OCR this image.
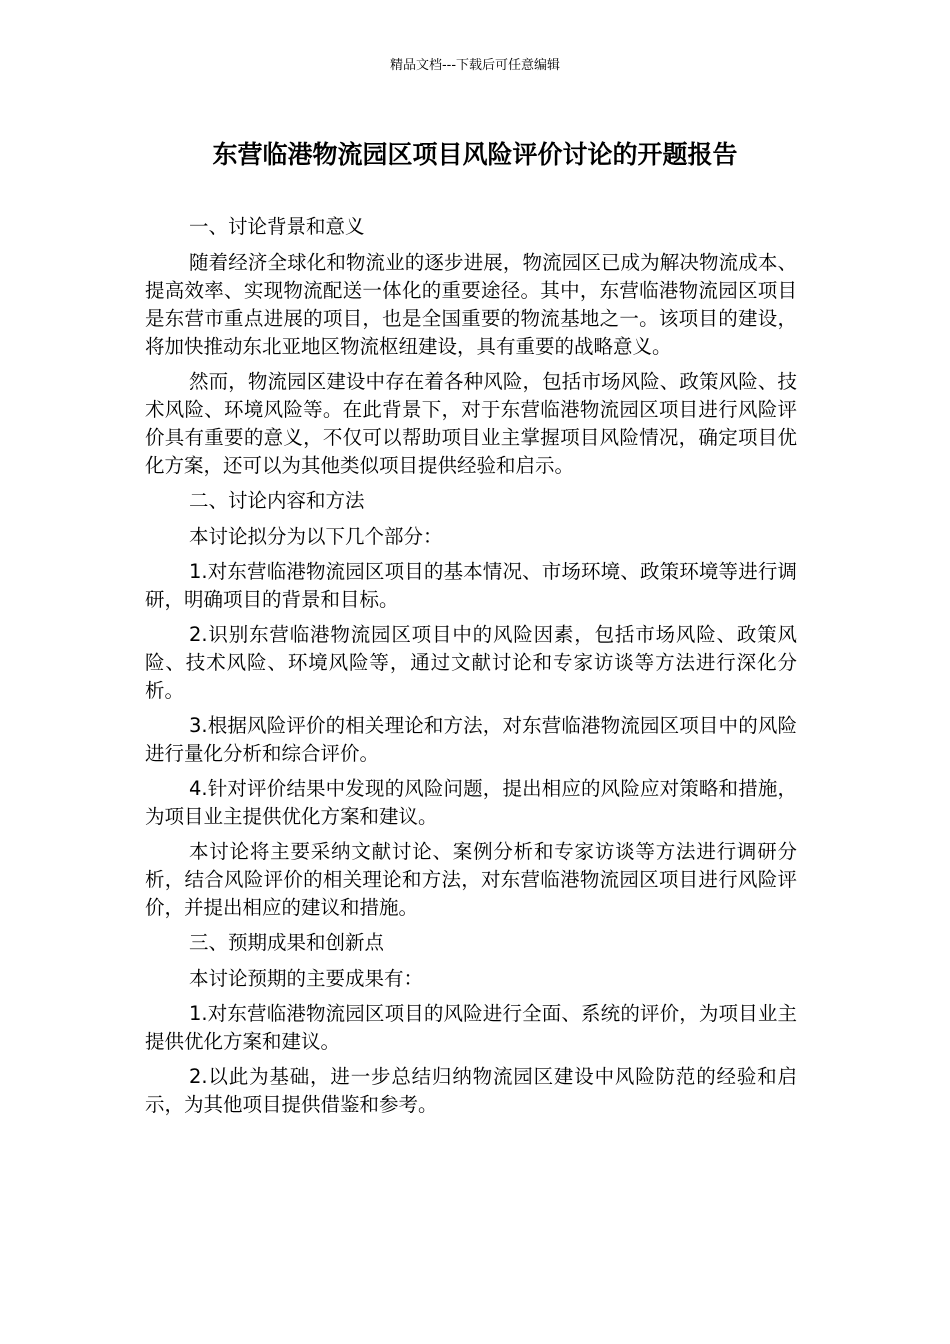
精品文档---下载后可任意编辑
东营临港物流园区项目风险评价讨论的开题报告

一、讨论背景和意义

随着经济全球化和物流业的逐步进展，物流园区已成为解决物流成本、提高效率、实现物流配送一体化的重要途径。其中，东营临港物流园区项目是东营市重点进展的项目，也是全国重要的物流基地之一。该项目的建设，将加快推动东北亚地区物流枢纽建设，具有重要的战略意义。

然而，物流园区建设中存在着各种风险，包括市场风险、政策风险、技术风险、环境风险等。在此背景下，对于东营临港物流园区项目进行风险评价具有重要的意义，不仅可以帮助项目业主掌握项目风险情况，确定项目优化方案，还可以为其他类似项目提供经验和启示。

二、讨论内容和方法

本讨论拟分为以下几个部分：

1.对东营临港物流园区项目的基本情况、市场环境、政策环境等进行调研，明确项目的背景和目标。

2.识别东营临港物流园区项目中的风险因素，包括市场风险、政策风险、技术风险、环境风险等，通过文献讨论和专家访谈等方法进行深化分析。

3.根据风险评价的相关理论和方法，对东营临港物流园区项目中的风险进行量化分析和综合评价。

4.针对评价结果中发现的风险问题，提出相应的风险应对策略和措施，为项目业主提供优化方案和建议。

本讨论将主要采纳文献讨论、案例分析和专家访谈等方法进行调研分析，结合风险评价的相关理论和方法，对东营临港物流园区项目进行风险评价，并提出相应的建议和措施。

三、预期成果和创新点

本讨论预期的主要成果有：

1.对东营临港物流园区项目的风险进行全面、系统的评价，为项目业主提供优化方案和建议。

2.以此为基础，进一步总结归纳物流园区建设中风险防范的经验和启示，为其他项目提供借鉴和参考。
